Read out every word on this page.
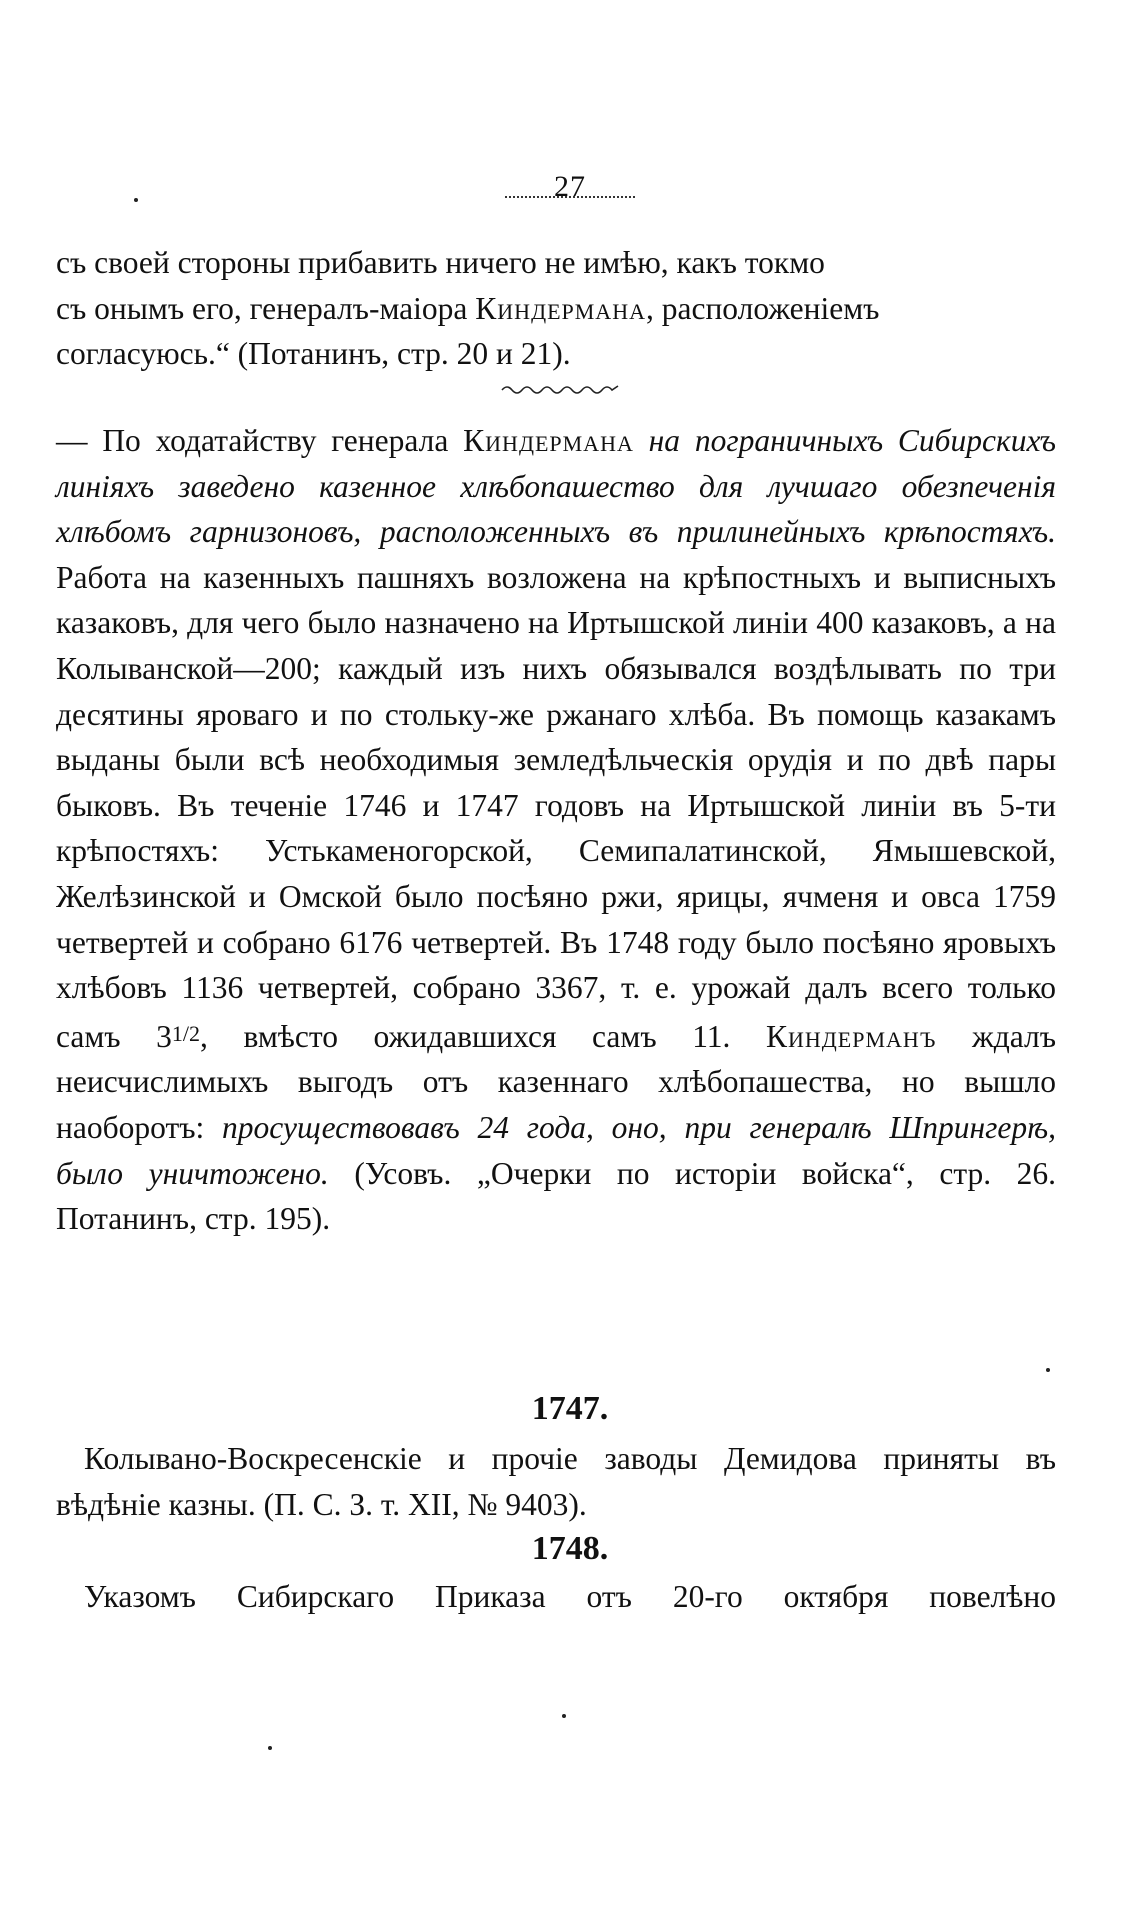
27
съ своей стороны прибавить ничего не имѣю, какъ токмо
съ онымъ его, генералъ-маіора Киндермана, расположеніемъ
согласуюсь.“ (Потанинъ, стр. 20 и 21).
— По ходатайству генерала Киндермана на пограничныхъ Сибирскихъ линіяхъ заведено казенное хлѣбопашество для лучшаго обезпеченія хлѣбомъ гарнизоновъ, расположенныхъ въ прилинейныхъ крѣпостяхъ. Работа на казенныхъ пашняхъ возложена на крѣпостныхъ и выписныхъ казаковъ, для чего было назначено на Иртышской линіи 400 казаковъ, а на Колыванской—200; каждый изъ нихъ обязывался воздѣлывать по три десятины яроваго и по стольку-же ржанаго хлѣба. Въ помощь казакамъ выданы были всѣ необходимыя земледѣльческія орудія и по двѣ пары быковъ. Въ теченіе 1746 и 1747 годовъ на Иртышской линіи въ 5-ти крѣпостяхъ: Устькаменогорской, Семипалатинской, Ямышевской, Желѣзинской и Омской было посѣяно ржи, ярицы, ячменя и овса 1759 четвертей и собрано 6176 четвертей. Въ 1748 году было посѣяно яровыхъ хлѣбовъ 1136 четвертей, собрано 3367, т. е. урожай далъ всего только самъ 31/2, вмѣсто ожидавшихся самъ 11. Киндерманъ ждалъ неисчислимыхъ выгодъ отъ казеннаго хлѣбопашества, но вышло наоборотъ: просуществовавъ 24 года, оно, при генералѣ Шпрингерѣ, было уничтожено. (Усовъ. „Очерки по исторіи войска“, стр. 26. Потанинъ, стр. 195).
1747.
Колывано-Воскресенскіе и прочіе заводы Демидова приняты въ вѣдѣніе казны. (П. С. З. т. XII, № 9403).
1748.
Указомъ Сибирскаго Приказа отъ 20-го октября повелѣно
